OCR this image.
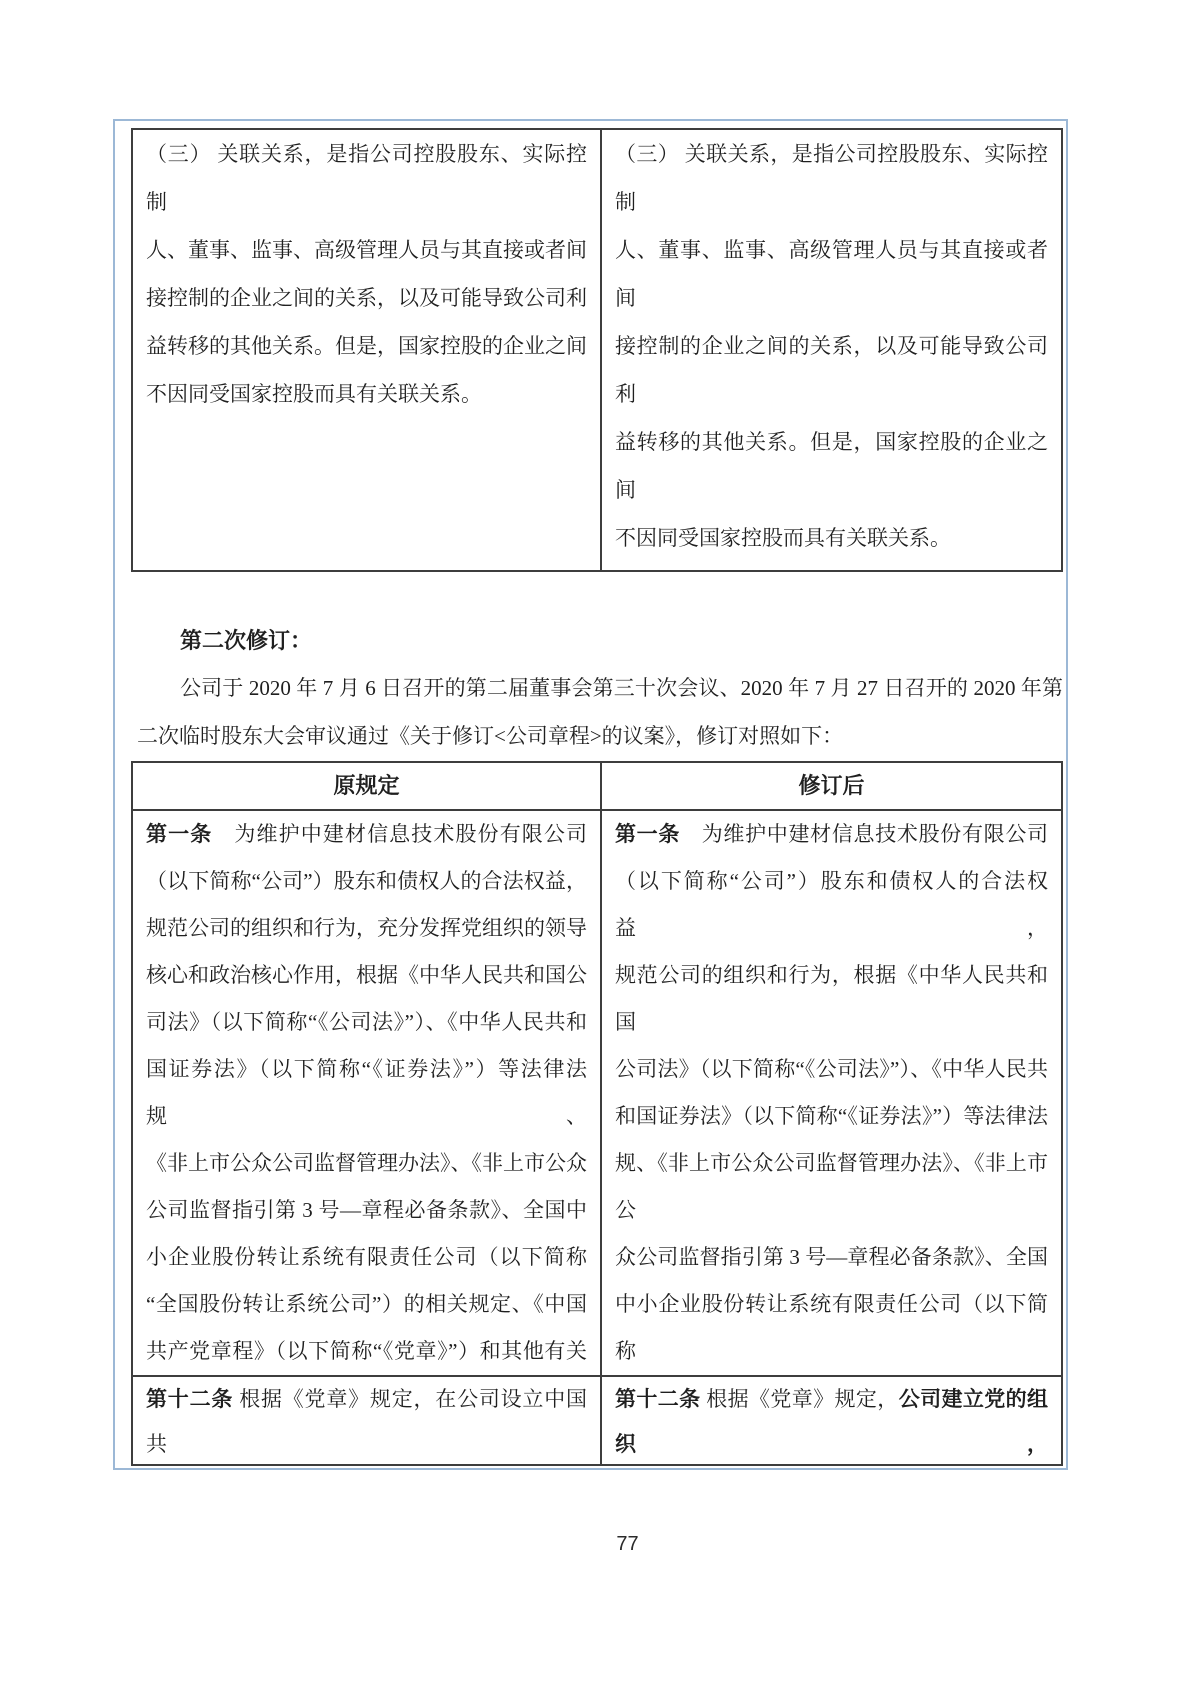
（三） 关联关系，是指公司控股股东、实际控制
人、董事、监事、高级管理人员与其直接或者间
接控制的企业之间的关系，以及可能导致公司利
益转移的其他关系。但是，国家控股的企业之间
不因同受国家控股而具有关联关系。
（三） 关联关系，是指公司控股股东、实际控制
人、董事、监事、高级管理人员与其直接或者间
接控制的企业之间的关系，以及可能导致公司利
益转移的其他关系。但是，国家控股的企业之间
不因同受国家控股而具有关联关系。
第二次修订：
公司于 2020 年 7 月 6 日召开的第二届董事会第三十次会议、2020 年 7 月 27 日召开的 2020 年第
二次临时股东大会审议通过《关于修订<公司章程>的议案》，修订对照如下：
原规定	修订后
第一条　为维护中建材信息技术股份有限公司
（以下简称“公司”）股东和债权人的合法权益，
规范公司的组织和行为，充分发挥党组织的领导
核心和政治核心作用，根据《中华人民共和国公
司法》（以下简称“《公司法》”）、《中华人民共和
国证券法》（以下简称“《证券法》”）等法律法规、
《非上市公众公司监督管理办法》、《非上市公众
公司监督指引第 3 号—章程必备条款》、全国中
小企业股份转让系统有限责任公司（以下简称
“全国股份转让系统公司”）的相关规定、《中国
共产党章程》（以下简称“《党章》”）和其他有关
第一条　为维护中建材信息技术股份有限公司
（以下简称“公司”）股东和债权人的合法权益，
规范公司的组织和行为，根据《中华人民共和国
公司法》（以下简称“《公司法》”）、《中华人民共
和国证券法》（以下简称“《证券法》”）等法律法
规、《非上市公众公司监督管理办法》、《非上市公
众公司监督指引第 3 号—章程必备条款》、全国
中小企业股份转让系统有限责任公司（以下简称
第十二条 根据《党章》规定，在公司设立中国共
第十二条 根据《党章》规定，公司建立党的组织，
77
